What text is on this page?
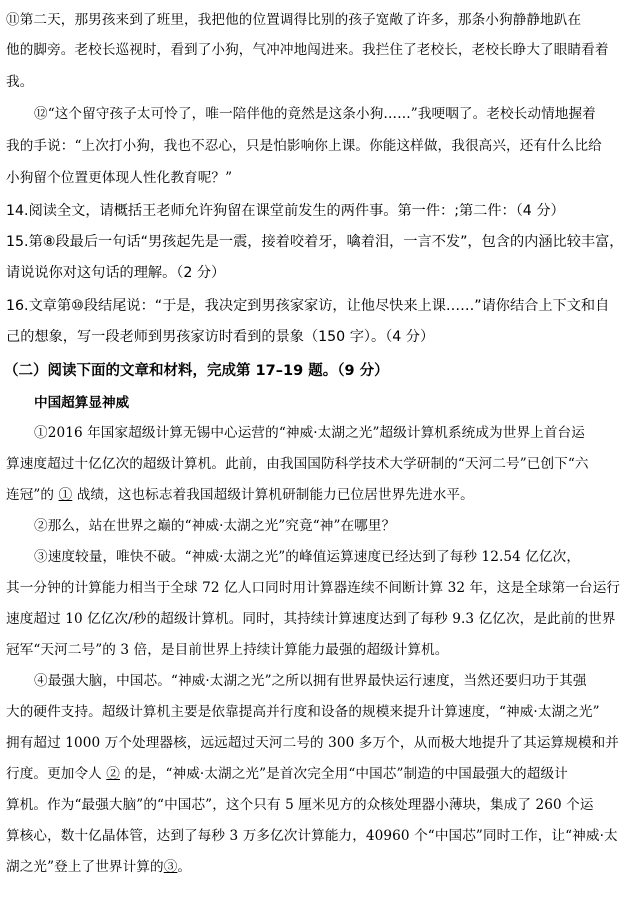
⑪第二天，那男孩来到了班里，我把他的位置调得比别的孩子宽敞了许多，那条小狗静静地趴在
他的脚旁。老校长巡视时，看到了小狗，气冲冲地闯进来。我拦住了老校长，老校长睁大了眼睛看着
我。
⑫“这个留守孩子太可怜了，唯一陪伴他的竟然是这条小狗……”我哽咽了。老校长动情地握着
我的手说：“上次打小狗，我也不忍心，只是怕影响你上课。你能这样做，我很高兴，还有什么比给
小狗留个位置更体现人性化教育呢？”
14.阅读全文，请概括王老师允许狗留在课堂前发生的两件事。第一件：;第二件：（4 分）
15.第⑧段最后一句话“男孩起先是一震，接着咬着牙，噙着泪，一言不发”，包含的内涵比较丰富，
请说说你对这句话的理解。（2 分）
16.文章第⑩段结尾说：“于是，我决定到男孩家家访，让他尽快来上课……”请你结合上下文和自
己的想象，写一段老师到男孩家访时看到的景象（150 字）。（4 分）
（二）阅读下面的文章和材料，完成第 17–19 题。（9 分）
中国超算显神威
①2016 年国家超级计算无锡中心运营的“神威·太湖之光”超级计算机系统成为世界上首台运
算速度超过十亿亿次的超级计算机。此前，由我国国防科学技术大学研制的“天河二号”已创下“六
连冠”的 ① 战绩，这也标志着我国超级计算机研制能力已位居世界先进水平。
②那么，站在世界之巅的“神威·太湖之光”究竟“神”在哪里？
③速度较量，唯快不破。“神威·太湖之光”的峰值运算速度已经达到了每秒 12.54 亿亿次，
其一分钟的计算能力相当于全球 72 亿人口同时用计算器连续不间断计算 32 年，这是全球第一台运行
速度超过 10 亿亿次/秒的超级计算机。同时，其持续计算速度达到了每秒 9.3 亿亿次，是此前的世界
冠军“天河二号”的 3 倍，是目前世界上持续计算能力最强的超级计算机。
④最强大脑，中国芯。“神威·太湖之光”之所以拥有世界最快运行速度，当然还要归功于其强
大的硬件支持。超级计算机主要是依靠提高并行度和设备的规模来提升计算速度，“神威·太湖之光”
拥有超过 1000 万个处理器核，远远超过天河二号的 300 多万个，从而极大地提升了其运算规模和并
行度。更加令人 ② 的是，“神威·太湖之光”是首次完全用“中国芯”制造的中国最强大的超级计
算机。作为“最强大脑”的“中国芯”，这个只有 5 厘米见方的众核处理器小薄块，集成了 260 个运
算核心，数十亿晶体管，达到了每秒 3 万多亿次计算能力，40960 个“中国芯”同时工作，让“神威·太
湖之光”登上了世界计算的③。
